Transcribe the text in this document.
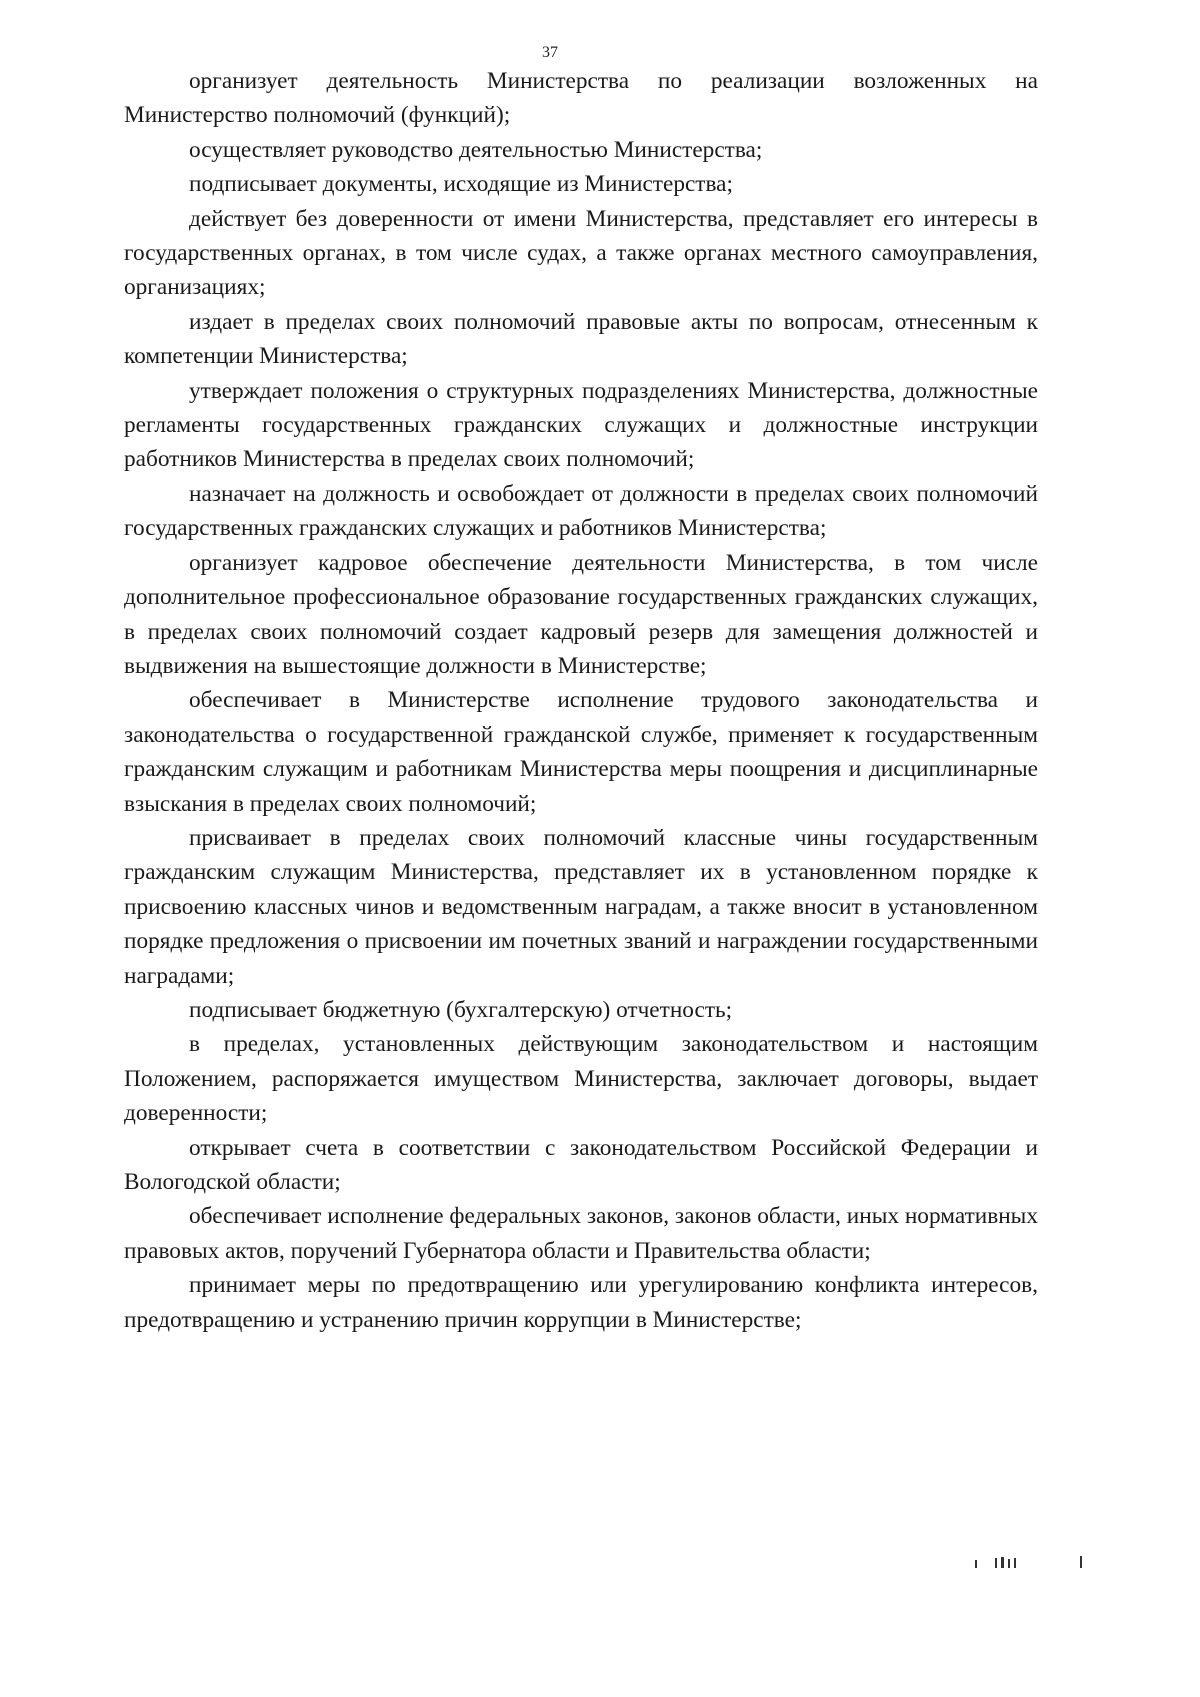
37

организует деятельность Министерства по реализации возложенных на Министерство полномочий (функций);

осуществляет руководство деятельностью Министерства;

подписывает документы, исходящие из Министерства;

действует без доверенности от имени Министерства, представляет его интересы в государственных органах, в том числе судах, а также органах местного самоуправления, организациях;

издает в пределах своих полномочий правовые акты по вопросам, отнесенным к компетенции Министерства;

утверждает положения о структурных подразделениях Министерства, должностные регламенты государственных гражданских служащих и должностные инструкции работников Министерства в пределах своих полномочий;

назначает на должность и освобождает от должности в пределах своих полномочий государственных гражданских служащих и работников Министерства;

организует кадровое обеспечение деятельности Министерства, в том числе дополнительное профессиональное образование государственных гражданских служащих, в пределах своих полномочий создает кадровый резерв для замещения должностей и выдвижения на вышестоящие должности в Министерстве;

обеспечивает в Министерстве исполнение трудового законодательства и законодательства о государственной гражданской службе, применяет к государственным гражданским служащим и работникам Министерства меры поощрения и дисциплинарные взыскания в пределах своих полномочий;

присваивает в пределах своих полномочий классные чины государственным гражданским служащим Министерства, представляет их в установленном порядке к присвоению классных чинов и ведомственным наградам, а также вносит в установленном порядке предложения о присвоении им почетных званий и награждении государственными наградами;

подписывает бюджетную (бухгалтерскую) отчетность;

в пределах, установленных действующим законодательством и настоящим Положением, распоряжается имуществом Министерства, заключает договоры, выдает доверенности;

открывает счета в соответствии с законодательством Российской Федерации и Вологодской области;

обеспечивает исполнение федеральных законов, законов области, иных нормативных правовых актов, поручений Губернатора области и Правительства области;

принимает меры по предотвращению или урегулированию конфликта интересов, предотвращению и устранению причин коррупции в Министерстве;
